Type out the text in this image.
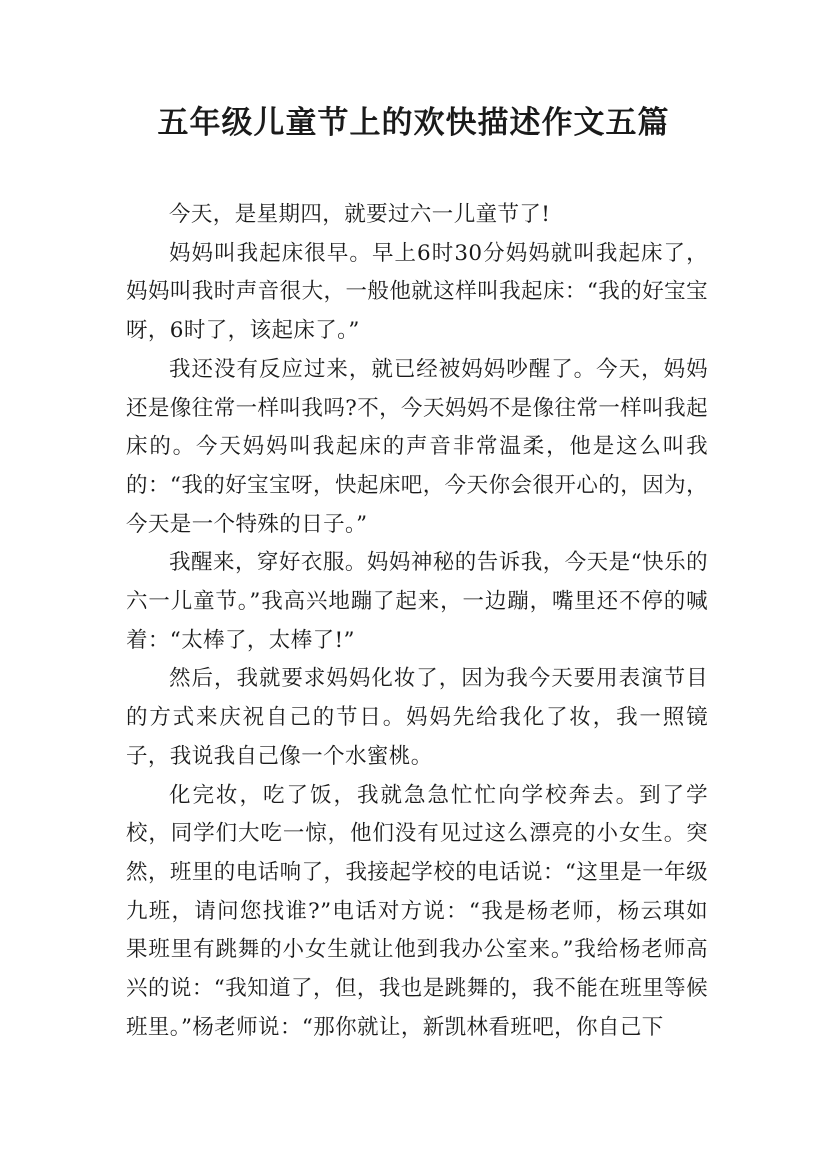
五年级儿童节上的欢快描述作文五篇

今天，是星期四，就要过六一儿童节了!

妈妈叫我起床很早。早上6时30分妈妈就叫我起床了，妈妈叫我时声音很大，一般他就这样叫我起床：“我的好宝宝呀，6时了，该起床了。”

我还没有反应过来，就已经被妈妈吵醒了。今天，妈妈还是像往常一样叫我吗?不，今天妈妈不是像往常一样叫我起床的。今天妈妈叫我起床的声音非常温柔，他是这么叫我的：“我的好宝宝呀，快起床吧，今天你会很开心的，因为，今天是一个特殊的日子。”

我醒来，穿好衣服。妈妈神秘的告诉我，今天是“快乐的六一儿童节。”我高兴地蹦了起来，一边蹦，嘴里还不停的喊着：“太棒了，太棒了!”

然后，我就要求妈妈化妆了，因为我今天要用表演节目的方式来庆祝自己的节日。妈妈先给我化了妆，我一照镜子，我说我自己像一个水蜜桃。

化完妆，吃了饭，我就急急忙忙向学校奔去。到了学校，同学们大吃一惊，他们没有见过这么漂亮的小女生。突然，班里的电话响了，我接起学校的电话说：“这里是一年级九班，请问您找谁?”电话对方说：“我是杨老师，杨云琪如果班里有跳舞的小女生就让他到我办公室来。”我给杨老师高兴的说：“我知道了，但，我也是跳舞的，我不能在班里等候班里。”杨老师说：“那你就让，新凯林看班吧，你自己下
